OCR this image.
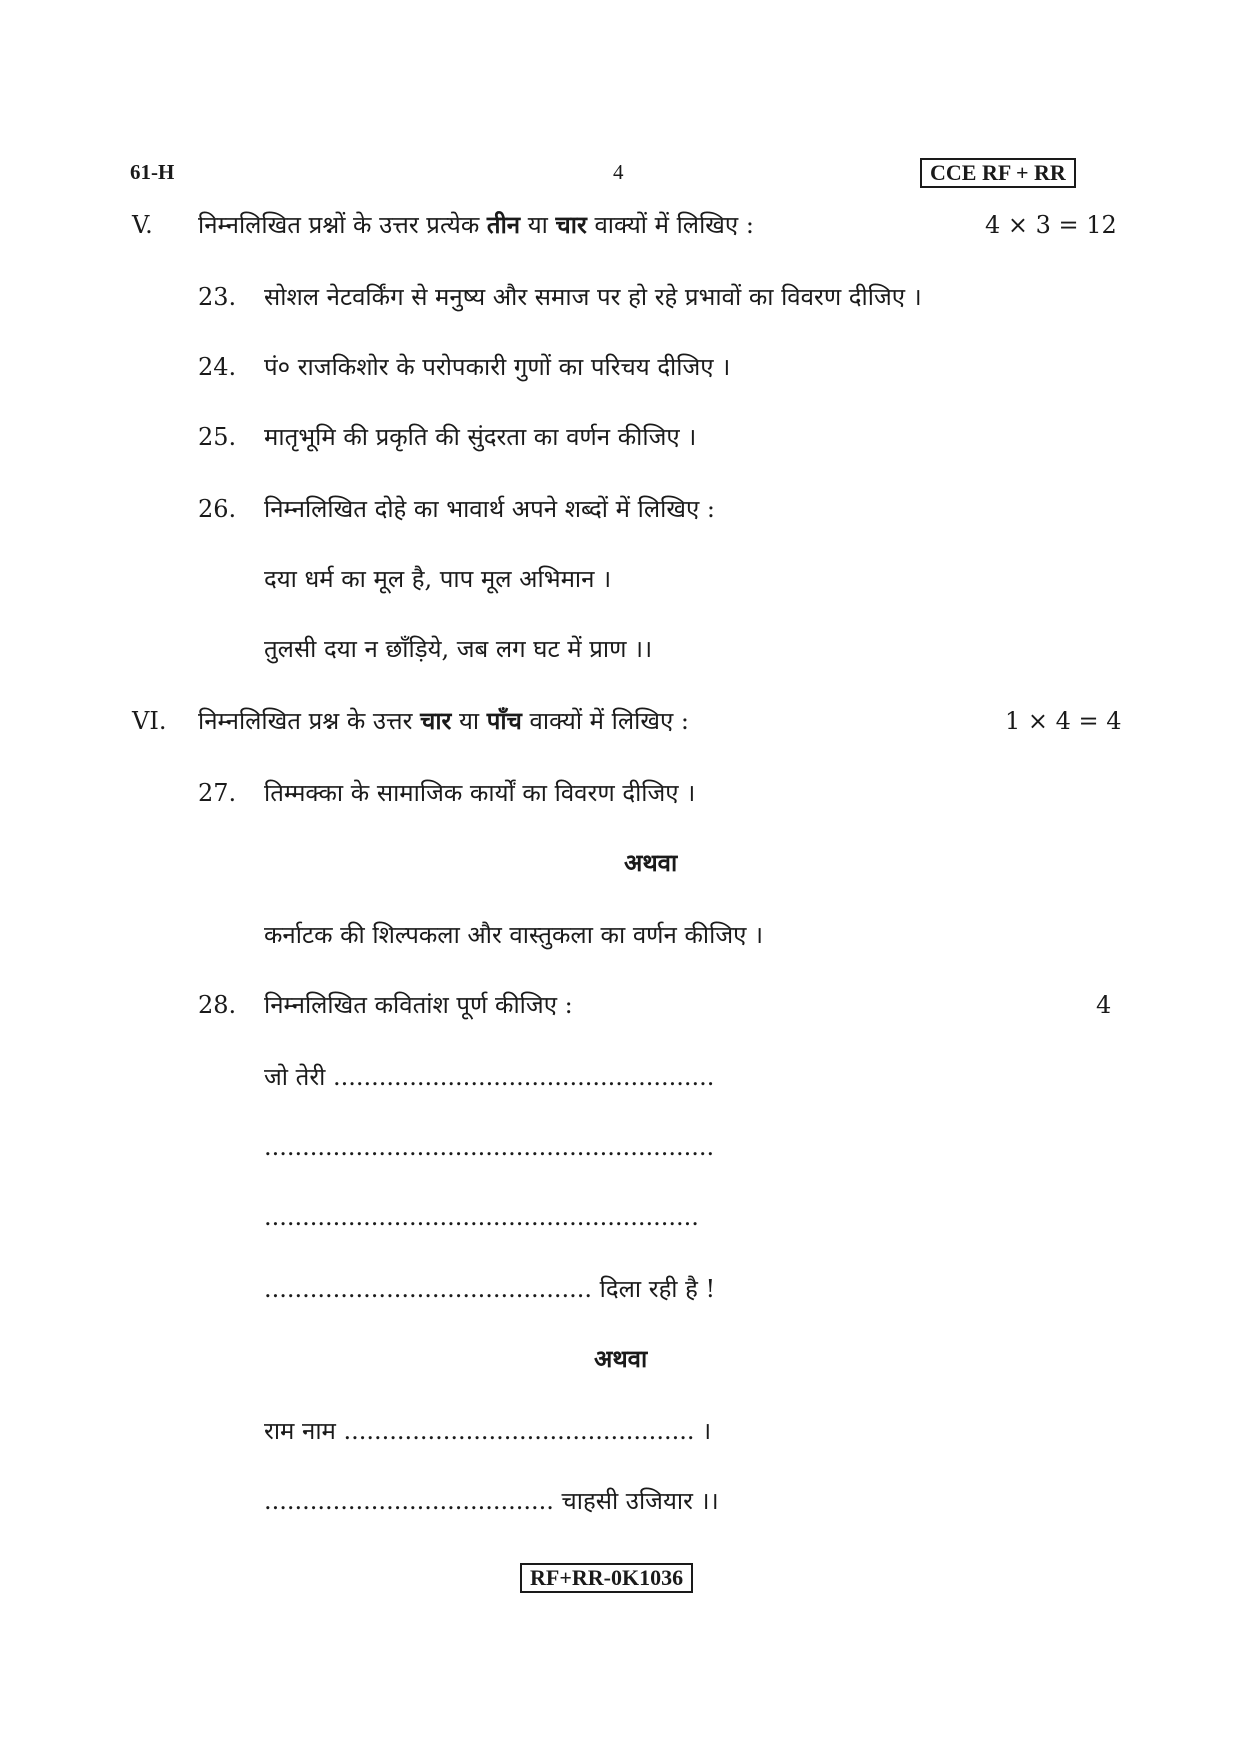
61-H	4	CCE RF + RR
V. निम्नलिखित प्रश्नों के उत्तर प्रत्येक तीन या चार वाक्यों में लिखिए :	4 × 3 = 12
23. सोशल नेटवर्किंग से मनुष्य और समाज पर हो रहे प्रभावों का विवरण दीजिए ।
24. पं० राजकिशोर के परोपकारी गुणों का परिचय दीजिए ।
25. मातृभूमि की प्रकृति की सुंदरता का वर्णन कीजिए ।
26. निम्नलिखित दोहे का भावार्थ अपने शब्दों में लिखिए :
दया धर्म का मूल है, पाप मूल अभिमान ।
तुलसी दया न छाँड़िये, जब लग घट में प्राण ।।
VI. निम्नलिखित प्रश्न के उत्तर चार या पाँच वाक्यों में लिखिए :	1 × 4 = 4
27. तिम्मक्का के सामाजिक कार्यों का विवरण दीजिए ।
अथवा
कर्नाटक की शिल्पकला और वास्तुकला का वर्णन कीजिए ।
28. निम्नलिखित कवितांश पूर्ण कीजिए :	4
जो तेरी ..................................................
...........................................................
.........................................................
........................................... दिला रही है !
अथवा
राम नाम .............................................. ।
...................................... चाहसी उजियार ।।
RF+RR-0K1036
